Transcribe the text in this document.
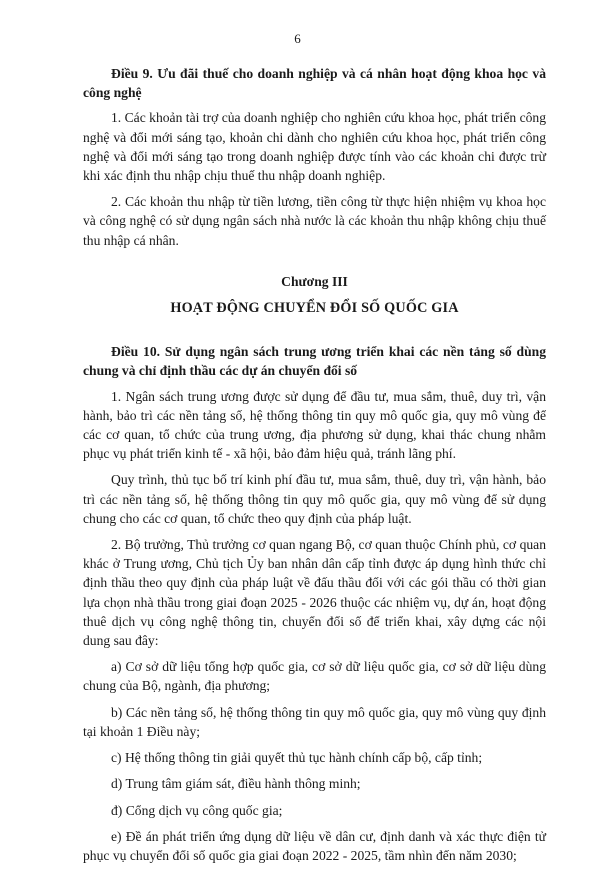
6

Điều 9. Ưu đãi thuế cho doanh nghiệp và cá nhân hoạt động khoa học và công nghệ

1. Các khoản tài trợ của doanh nghiệp cho nghiên cứu khoa học, phát triển công nghệ và đổi mới sáng tạo, khoản chi dành cho nghiên cứu khoa học, phát triển công nghệ và đổi mới sáng tạo trong doanh nghiệp được tính vào các khoản chi được trừ khi xác định thu nhập chịu thuế thu nhập doanh nghiệp.

2. Các khoản thu nhập từ tiền lương, tiền công từ thực hiện nhiệm vụ khoa học và công nghệ có sử dụng ngân sách nhà nước là các khoản thu nhập không chịu thuế thu nhập cá nhân.

Chương III

HOẠT ĐỘNG CHUYỂN ĐỔI SỐ QUỐC GIA

Điều 10. Sử dụng ngân sách trung ương triển khai các nền tảng số dùng chung và chỉ định thầu các dự án chuyển đổi số

1. Ngân sách trung ương được sử dụng để đầu tư, mua sắm, thuê, duy trì, vận hành, bảo trì các nền tảng số, hệ thống thông tin quy mô quốc gia, quy mô vùng để các cơ quan, tổ chức của trung ương, địa phương sử dụng, khai thác chung nhằm phục vụ phát triển kinh tế - xã hội, bảo đảm hiệu quả, tránh lãng phí.

Quy trình, thủ tục bố trí kinh phí đầu tư, mua sắm, thuê, duy trì, vận hành, bảo trì các nền tảng số, hệ thống thông tin quy mô quốc gia, quy mô vùng để sử dụng chung cho các cơ quan, tổ chức theo quy định của pháp luật.

2. Bộ trưởng, Thủ trưởng cơ quan ngang Bộ, cơ quan thuộc Chính phủ, cơ quan khác ở Trung ương, Chủ tịch Ủy ban nhân dân cấp tỉnh được áp dụng hình thức chỉ định thầu theo quy định của pháp luật về đấu thầu đối với các gói thầu có thời gian lựa chọn nhà thầu trong giai đoạn 2025 - 2026 thuộc các nhiệm vụ, dự án, hoạt động thuê dịch vụ công nghệ thông tin, chuyển đổi số để triển khai, xây dựng các nội dung sau đây:

a) Cơ sở dữ liệu tổng hợp quốc gia, cơ sở dữ liệu quốc gia, cơ sở dữ liệu dùng chung của Bộ, ngành, địa phương;

b) Các nền tảng số, hệ thống thông tin quy mô quốc gia, quy mô vùng quy định tại khoản 1 Điều này;

c) Hệ thống thông tin giải quyết thủ tục hành chính cấp bộ, cấp tỉnh;

d) Trung tâm giám sát, điều hành thông minh;

đ) Cổng dịch vụ công quốc gia;

e) Đề án phát triển ứng dụng dữ liệu về dân cư, định danh và xác thực điện tử phục vụ chuyển đổi số quốc gia giai đoạn 2022 - 2025, tầm nhìn đến năm 2030;
